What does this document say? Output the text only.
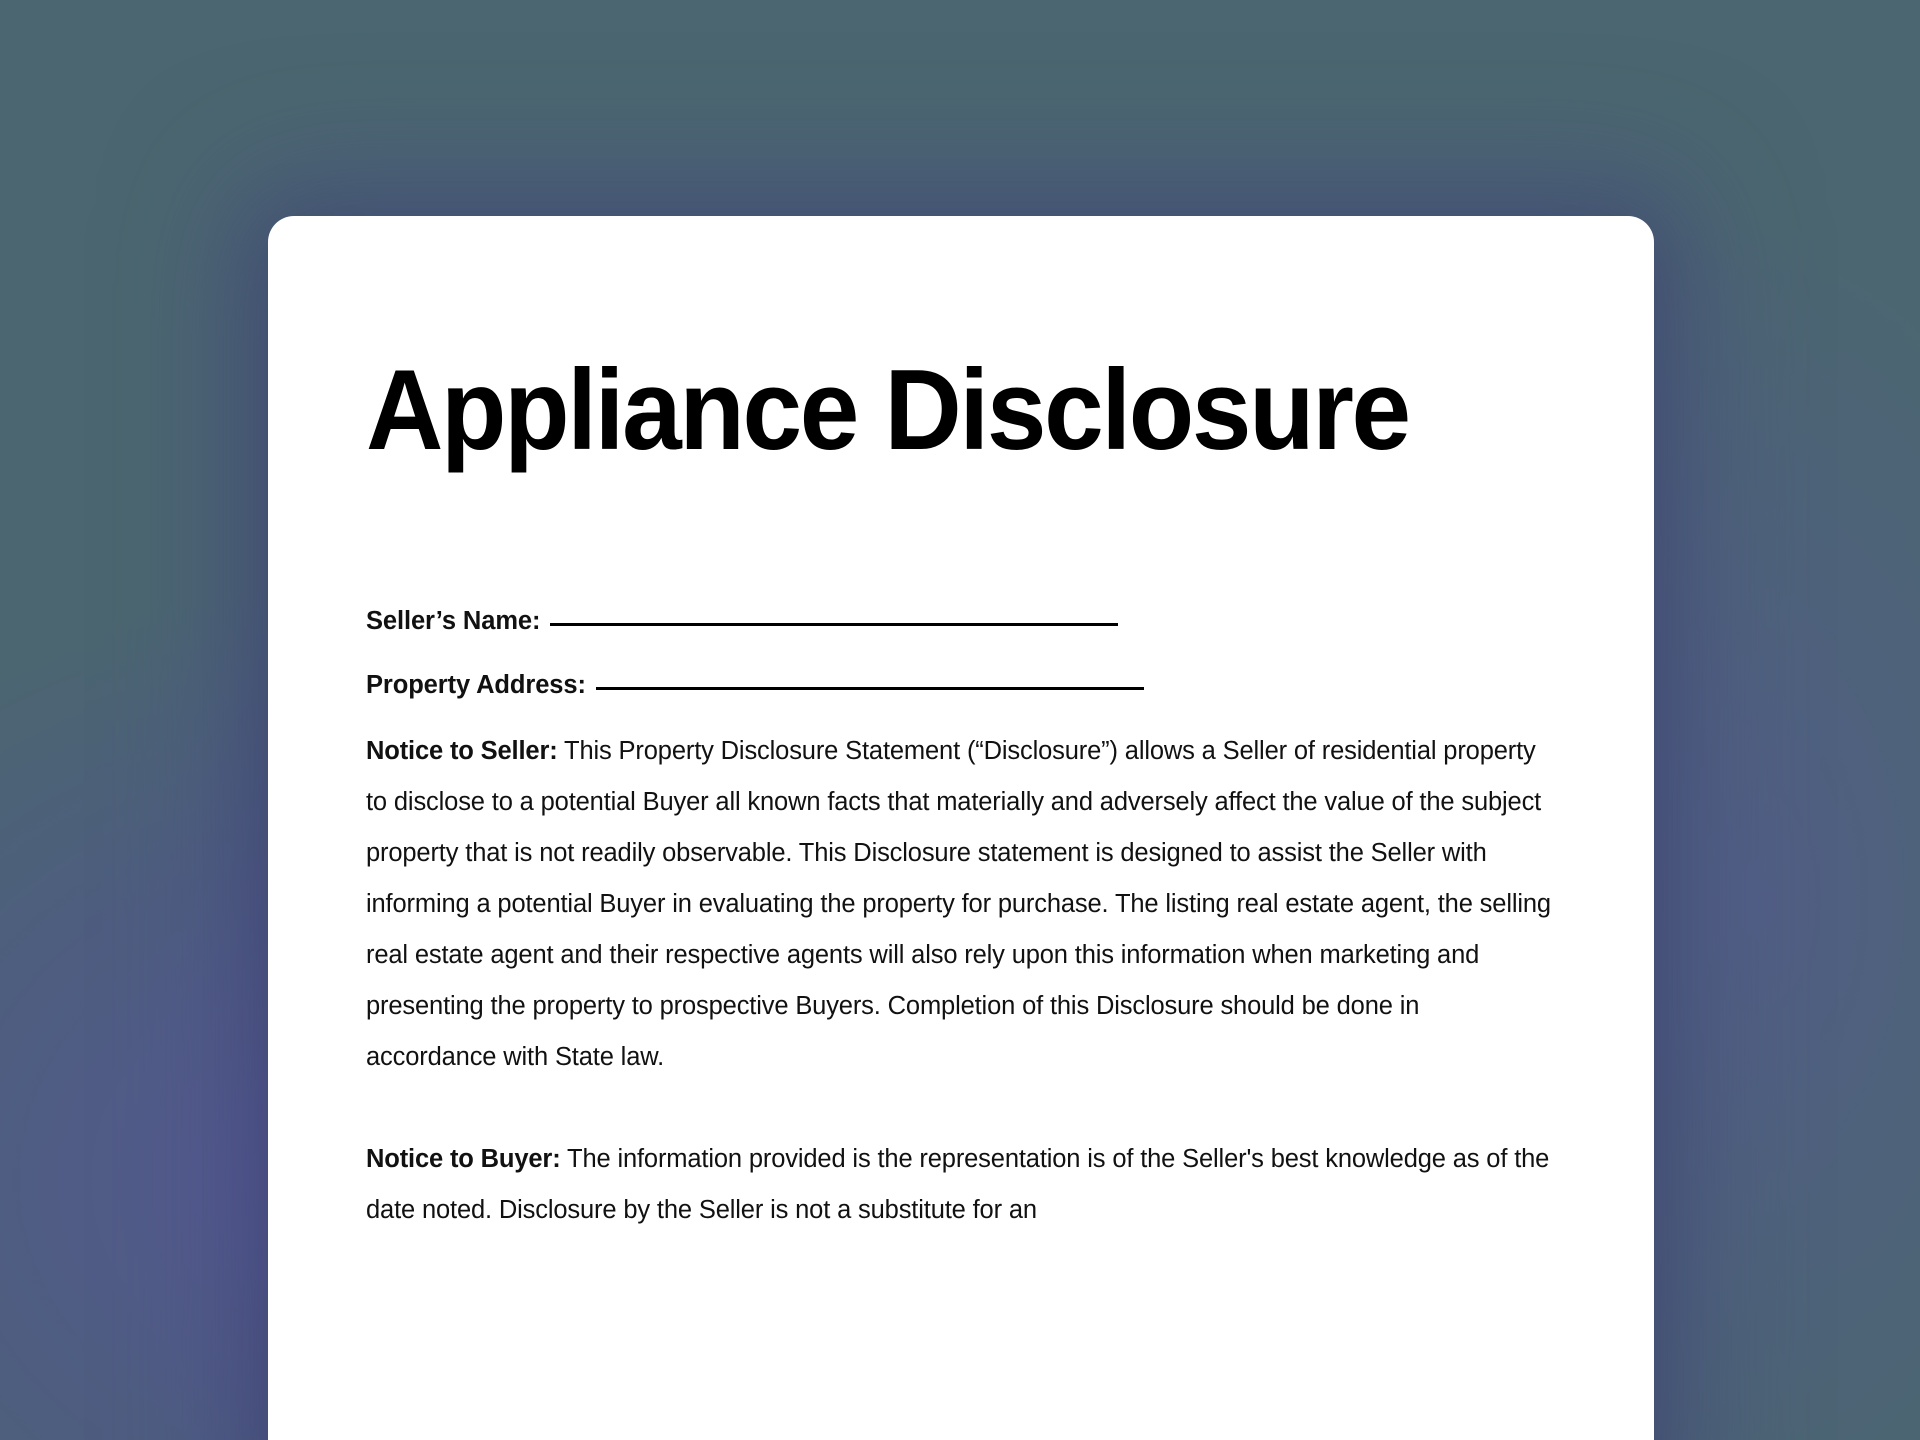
Appliance Disclosure
Seller’s Name:
Property Address:

Notice to Seller: This Property Disclosure Statement (“Disclosure”) allows a Seller of residential property to disclose to a potential Buyer all known facts that materially and adversely affect the value of the subject property that is not readily observable. This Disclosure statement is designed to assist the Seller with informing a potential Buyer in evaluating the property for purchase. The listing real estate agent, the selling real estate agent and their respective agents will also rely upon this information when marketing and presenting the property to prospective Buyers. Completion of this Disclosure should be done in accordance with State law.

Notice to Buyer: The information provided is the representation is of the Seller's best knowledge as of the date noted. Disclosure by the Seller is not a substitute for an
